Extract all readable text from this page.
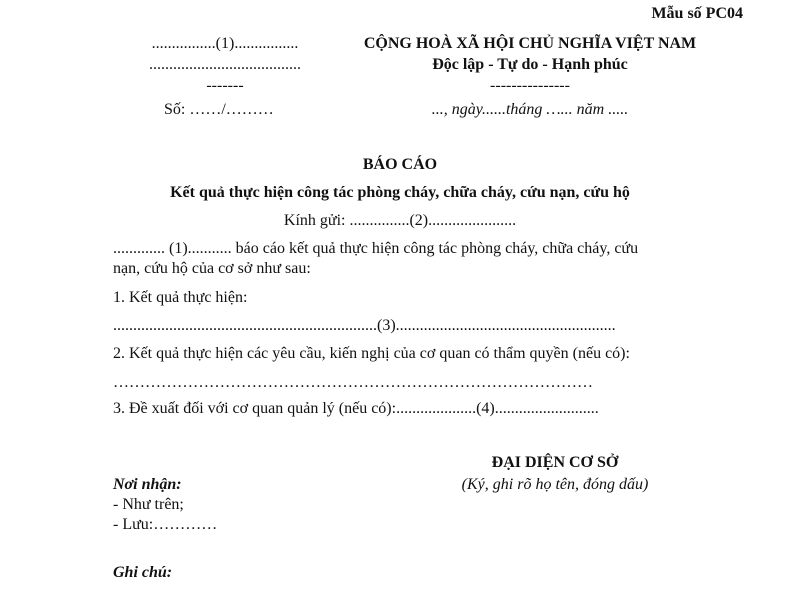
Mẫu số PC04
................(1)................
......................................
-------
CỘNG HOÀ XÃ HỘI CHỦ NGHĨA VIỆT NAM
Độc lập - Tự do - Hạnh phúc
---------------
Số: ……/………	..., ngày......tháng …... năm .....
BÁO CÁO
Kết quả thực hiện công tác phòng cháy, chữa cháy, cứu nạn, cứu hộ
Kính gửi: ...............(2)......................
............. (1)........... báo cáo kết quả thực hiện công tác phòng cháy, chữa cháy, cứu
nạn, cứu hộ của cơ sở như sau:
1. Kết quả thực hiện:
..................................................................(3).......................................................
2. Kết quả thực hiện các yêu cầu, kiến nghị của cơ quan có thẩm quyền (nếu có):
………………………………………………………………………………
3. Đề xuất đối với cơ quan quản lý (nếu có):....................(4)..........................
ĐẠI DIỆN CƠ SỞ
(Ký, ghi rõ họ tên, đóng dấu)
Nơi nhận:
- Như trên;
- Lưu:…………
Ghi chú:
